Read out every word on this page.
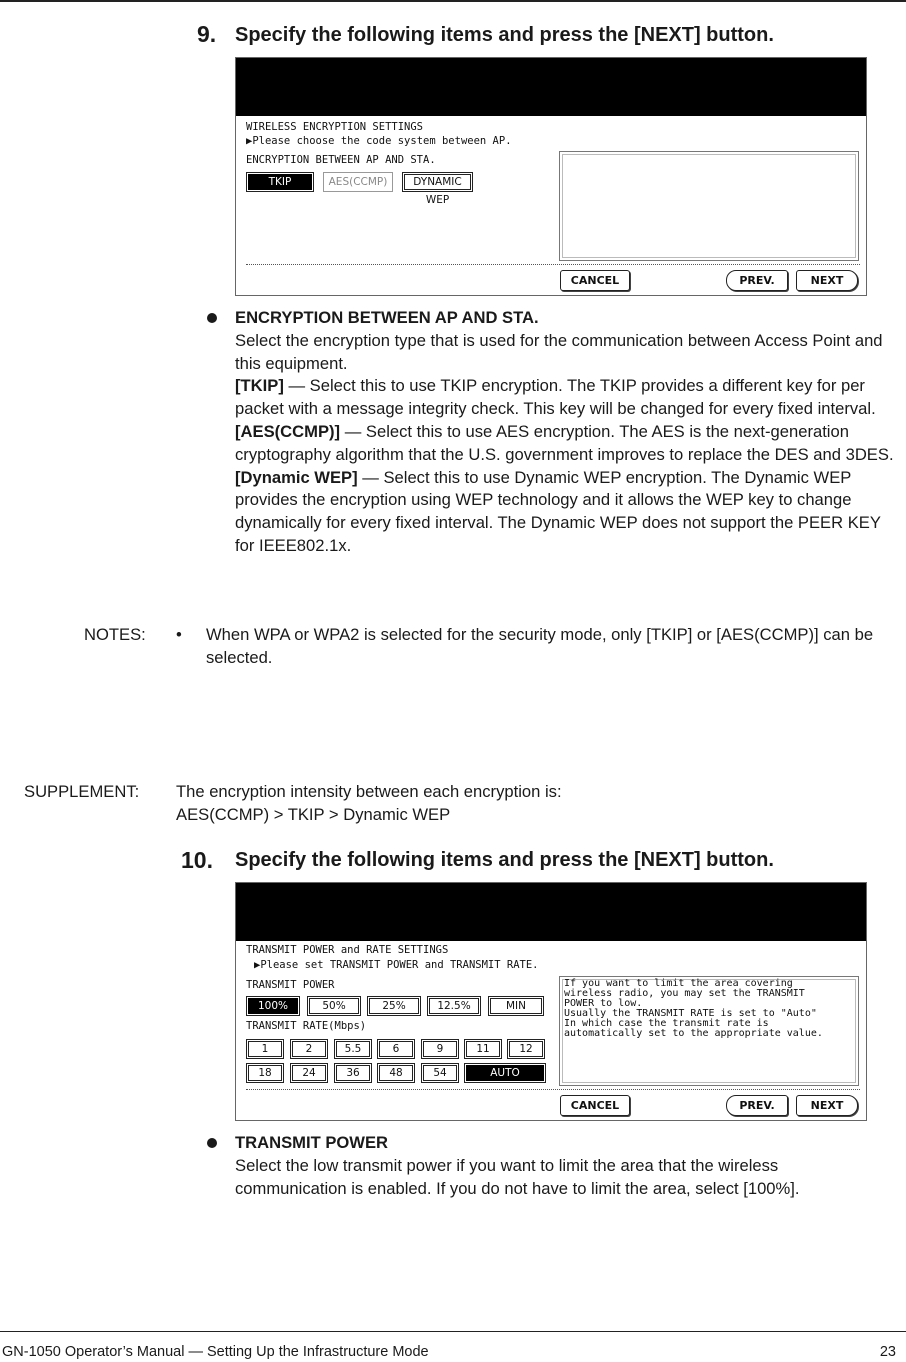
9. Specify the following items and press the [NEXT] button.
WIRELESS ENCRYPTION SETTINGS
▶Please choose the code system between AP.
ENCRYPTION BETWEEN AP AND STA.
TKIP	AES(CCMP)	DYNAMIC WEP
CANCEL	PREV.	NEXT
ENCRYPTION BETWEEN AP AND STA.
Select the encryption type that is used for the communication between Access Point and this equipment.
[TKIP] — Select this to use TKIP encryption. The TKIP provides a different key for per packet with a message integrity check. This key will be changed for every fixed interval.
[AES(CCMP)] — Select this to use AES encryption. The AES is the next-generation cryptography algorithm that the U.S. government improves to replace the DES and 3DES.
[Dynamic WEP] — Select this to use Dynamic WEP encryption. The Dynamic WEP provides the encryption using WEP technology and it allows the WEP key to change dynamically for every fixed interval. The Dynamic WEP does not support the PEER KEY for IEEE802.1x.
NOTES: • When WPA or WPA2 is selected for the security mode, only [TKIP] or [AES(CCMP)] can be selected.
SUPPLEMENT: The encryption intensity between each encryption is:
AES(CCMP) > TKIP > Dynamic WEP
10. Specify the following items and press the [NEXT] button.
TRANSMIT POWER and RATE SETTINGS
▶Please set TRANSMIT POWER and TRANSMIT RATE.
TRANSMIT POWER
100%	50%	25%	12.5%	MIN
TRANSMIT RATE(Mbps)
1	2	5.5	6	9	11	12
18	24	36	48	54	AUTO
If you want to limit the area covering
wireless radio, you may set the TRANSMIT
POWER to low.
Usually the TRANSMIT RATE is set to "Auto"
In which case the transmit rate is
automatically set to the appropriate value.
CANCEL	PREV.	NEXT
TRANSMIT POWER
Select the low transmit power if you want to limit the area that the wireless communication is enabled. If you do not have to limit the area, select [100%].
GN-1050 Operator’s Manual — Setting Up the Infrastructure Mode	23
